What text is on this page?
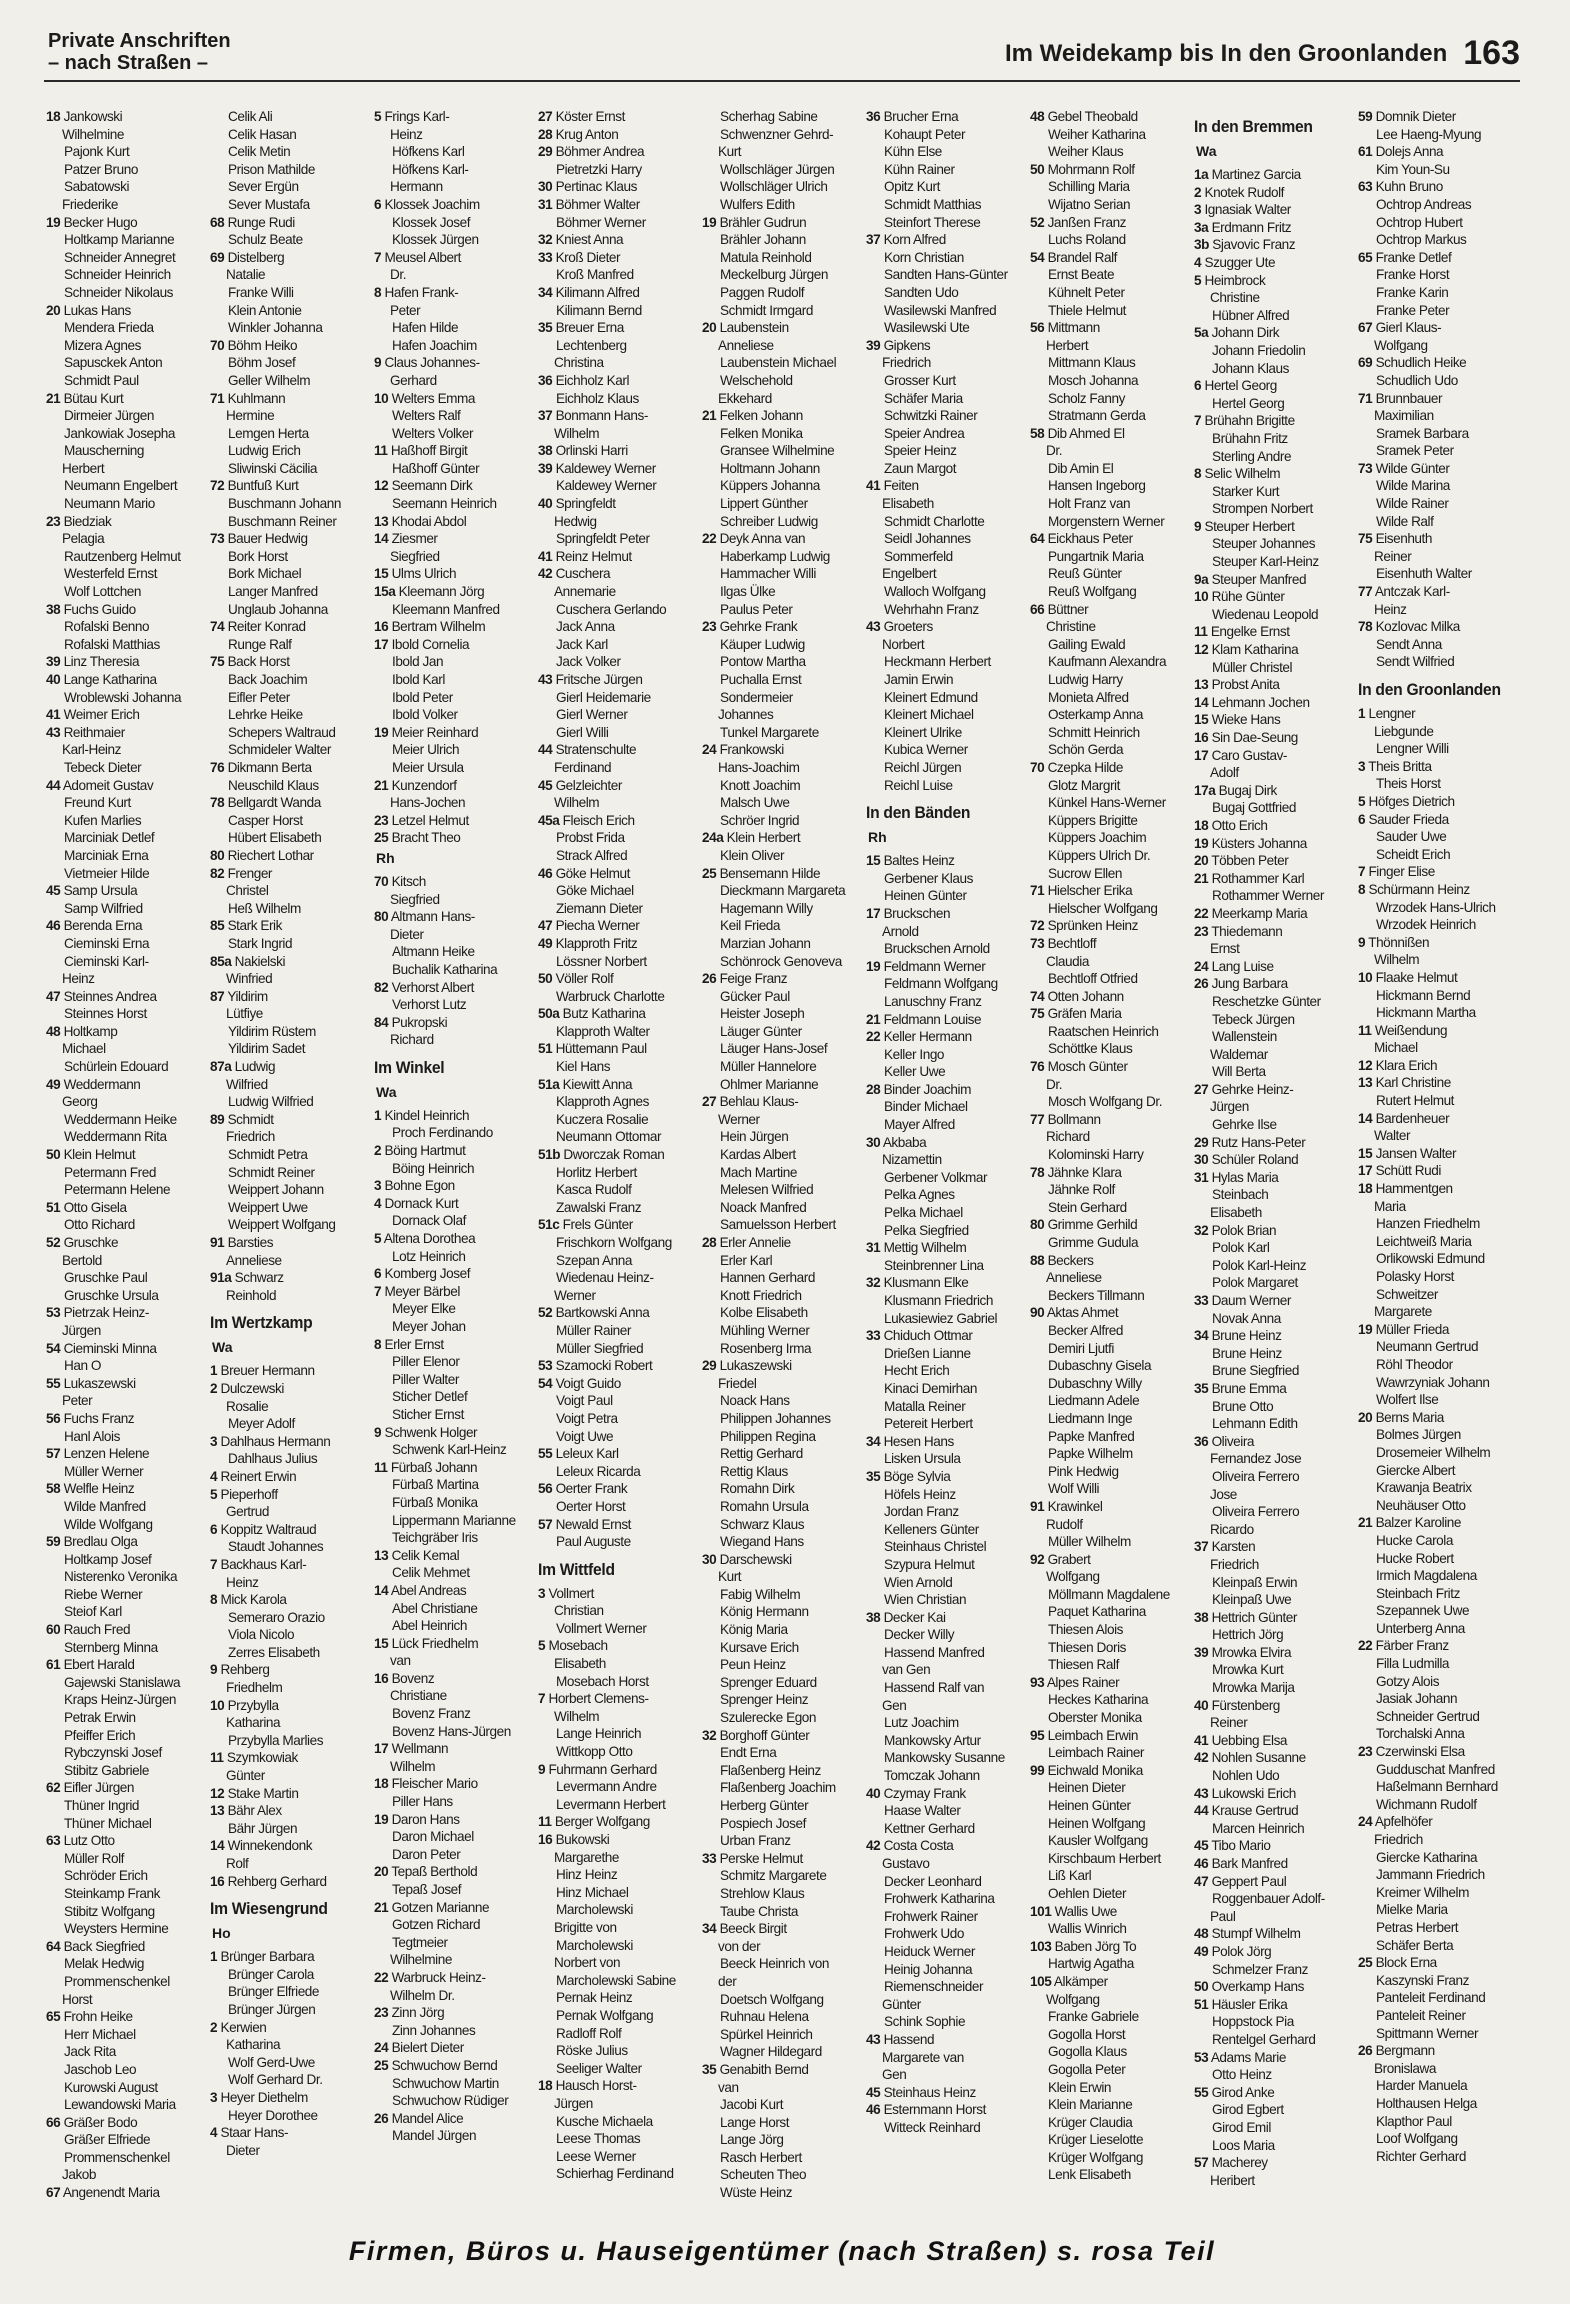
Private Anschriften
– nach Straßen –	Im Weidekamp bis In den Groonlanden 163
18 Jankowski
Wilhelmine
Pajonk Kurt
Patzer Bruno
Sabatowski
Friederike
19 Becker Hugo
Holtkamp Marianne
Schneider Annegret
Schneider Heinrich
Schneider Nikolaus
20 Lukas Hans
Mendera Frieda
Mizera Agnes
Sapusckek Anton
Schmidt Paul
21 Bütau Kurt
Dirmeier Jürgen
Jankowiak Josepha
Mauscherning
Herbert
Neumann Engelbert
Neumann Mario
23 Biedziak
Pelagia
Rautzenberg Helmut
Westerfeld Ernst
Wolf Lottchen
38 Fuchs Guido
Rofalski Benno
Rofalski Matthias
39 Linz Theresia
40 Lange Katharina
Wroblewski Johanna
41 Weimer Erich
43 Reithmaier
Karl-Heinz
Tebeck Dieter
44 Adomeit Gustav
Freund Kurt
Kufen Marlies
Marciniak Detlef
Marciniak Erna
Vietmeier Hilde
45 Samp Ursula
Samp Wilfried
46 Berenda Erna
Cieminski Erna
Cieminski Karl-
Heinz
47 Steinnes Andrea
Steinnes Horst
48 Holtkamp
Michael
Schürlein Edouard
49 Weddermann
Georg
Weddermann Heike
Weddermann Rita
50 Klein Helmut
Petermann Fred
Petermann Helene
51 Otto Gisela
Otto Richard
52 Gruschke
Bertold
Gruschke Paul
Gruschke Ursula
53 Pietrzak Heinz-
Jürgen
54 Cieminski Minna
Han O
55 Lukaszewski
Peter
56 Fuchs Franz
Hanl Alois
57 Lenzen Helene
Müller Werner
58 Welfle Heinz
Wilde Manfred
Wilde Wolfgang
59 Bredlau Olga
Holtkamp Josef
Nisterenko Veronika
Riebe Werner
Steiof Karl
60 Rauch Fred
Sternberg Minna
61 Ebert Harald
Gajewski Stanislawa
Kraps Heinz-Jürgen
Petrak Erwin
Pfeiffer Erich
Rybczynski Josef
Stibitz Gabriele
62 Eifler Jürgen
Thüner Ingrid
Thüner Michael
63 Lutz Otto
Müller Rolf
Schröder Erich
Steinkamp Frank
Stibitz Wolfgang
Weysters Hermine
64 Back Siegfried
Melak Hedwig
Prommenschenkel
Horst
65 Frohn Heike
Herr Michael
Jack Rita
Jaschob Leo
Kurowski August
Lewandowski Maria
66 Gräßer Bodo
Gräßer Elfriede
Prommenschenkel
Jakob
67 Angenendt Maria
Celik Ali
Celik Hasan
Celik Metin
Prison Mathilde
Sever Ergün
Sever Mustafa
68 Runge Rudi
Schulz Beate
69 Distelberg
Natalie
Franke Willi
Klein Antonie
Winkler Johanna
70 Böhm Heiko
Böhm Josef
Geller Wilhelm
71 Kuhlmann
Hermine
Lemgen Herta
Ludwig Erich
Sliwinski Cäcilia
72 Buntfuß Kurt
Buschmann Johann
Buschmann Reiner
73 Bauer Hedwig
Bork Horst
Bork Michael
Langer Manfred
Unglaub Johanna
74 Reiter Konrad
Runge Ralf
75 Back Horst
Back Joachim
Eifler Peter
Lehrke Heike
Schepers Waltraud
Schmideler Walter
76 Dikmann Berta
Neuschild Klaus
78 Bellgardt Wanda
Casper Horst
Hübert Elisabeth
80 Riechert Lothar
82 Frenger
Christel
Heß Wilhelm
85 Stark Erik
Stark Ingrid
85a Nakielski
Winfried
87 Yildirim
Lütfiye
Yildirim Rüstem
Yildirim Sadet
87a Ludwig
Wilfried
Ludwig Wilfried
89 Schmidt
Friedrich
Schmidt Petra
Schmidt Reiner
Weippert Johann
Weippert Uwe
Weippert Wolfgang
91 Barsties
Anneliese
91a Schwarz
Reinhold
Im Wertzkamp
Wa
1 Breuer Hermann
2 Dulczewski
Rosalie
Meyer Adolf
3 Dahlhaus Hermann
Dahlhaus Julius
4 Reinert Erwin
5 Pieperhoff
Gertrud
6 Koppitz Waltraud
Staudt Johannes
7 Backhaus Karl-
Heinz
8 Mick Karola
Semeraro Orazio
Viola Nicolo
Zerres Elisabeth
9 Rehberg
Friedhelm
10 Przybylla
Katharina
Przybylla Marlies
11 Szymkowiak
Günter
12 Stake Martin
13 Bähr Alex
Bähr Jürgen
14 Winnekendonk
Rolf
16 Rehberg Gerhard
Im Wiesengrund
Ho
1 Brünger Barbara
Brünger Carola
Brünger Elfriede
Brünger Jürgen
2 Kerwien
Katharina
Wolf Gerd-Uwe
Wolf Gerhard Dr.
3 Heyer Diethelm
Heyer Dorothee
4 Staar Hans-
Dieter
5 Frings Karl-
Heinz
Höfkens Karl
Höfkens Karl-
Hermann
6 Klossek Joachim
Klossek Josef
Klossek Jürgen
7 Meusel Albert
Dr.
8 Hafen Frank-
Peter
Hafen Hilde
Hafen Joachim
9 Claus Johannes-
Gerhard
10 Welters Emma
Welters Ralf
Welters Volker
11 Haßhoff Birgit
Haßhoff Günter
12 Seemann Dirk
Seemann Heinrich
13 Khodai Abdol
14 Ziesmer
Siegfried
15 Ulms Ulrich
15a Kleemann Jörg
Kleemann Manfred
16 Bertram Wilhelm
17 Ibold Cornelia
Ibold Jan
Ibold Karl
Ibold Peter
Ibold Volker
19 Meier Reinhard
Meier Ulrich
Meier Ursula
21 Kunzendorf
Hans-Jochen
23 Letzel Helmut
25 Bracht Theo
Rh
70 Kitsch
Siegfried
80 Altmann Hans-
Dieter
Altmann Heike
Buchalik Katharina
82 Verhorst Albert
Verhorst Lutz
84 Pukropski
Richard
Im Winkel
Wa
1 Kindel Heinrich
Proch Ferdinando
2 Böing Hartmut
Böing Heinrich
3 Bohne Egon
4 Dornack Kurt
Dornack Olaf
5 Altena Dorothea
Lotz Heinrich
6 Komberg Josef
7 Meyer Bärbel
Meyer Elke
Meyer Johan
8 Erler Ernst
Piller Elenor
Piller Walter
Sticher Detlef
Sticher Ernst
9 Schwenk Holger
Schwenk Karl-Heinz
11 Fürbaß Johann
Fürbaß Martina
Fürbaß Monika
Lippermann Marianne
Teichgräber Iris
13 Celik Kemal
Celik Mehmet
14 Abel Andreas
Abel Christiane
Abel Heinrich
15 Lück Friedhelm
van
16 Bovenz
Christiane
Bovenz Franz
Bovenz Hans-Jürgen
17 Wellmann
Wilhelm
18 Fleischer Mario
Piller Hans
19 Daron Hans
Daron Michael
Daron Peter
20 Tepaß Berthold
Tepaß Josef
21 Gotzen Marianne
Gotzen Richard
Tegtmeier
Wilhelmine
22 Warbruck Heinz-
Wilhelm Dr.
23 Zinn Jörg
Zinn Johannes
24 Bielert Dieter
25 Schwuchow Bernd
Schwuchow Martin
Schwuchow Rüdiger
26 Mandel Alice
Mandel Jürgen
27 Köster Ernst
28 Krug Anton
29 Böhmer Andrea
Pietretzki Harry
30 Pertinac Klaus
31 Böhmer Walter
Böhmer Werner
32 Kniest Anna
33 Kroß Dieter
Kroß Manfred
34 Kilimann Alfred
Kilimann Bernd
35 Breuer Erna
Lechtenberg
Christina
36 Eichholz Karl
Eichholz Klaus
37 Bonmann Hans-
Wilhelm
38 Orlinski Harri
39 Kaldewey Werner
Kaldewey Werner
40 Springfeldt
Hedwig
Springfeldt Peter
41 Reinz Helmut
42 Cuschera
Annemarie
Cuschera Gerlando
Jack Anna
Jack Karl
Jack Volker
43 Fritsche Jürgen
Gierl Heidemarie
Gierl Werner
Gierl Willi
44 Stratenschulte
Ferdinand
45 Gelzleichter
Wilhelm
45a Fleisch Erich
Probst Frida
Strack Alfred
46 Göke Helmut
Göke Michael
Ziemann Dieter
47 Piecha Werner
49 Klapproth Fritz
Lössner Norbert
50 Völler Rolf
Warbruck Charlotte
50a Butz Katharina
Klapproth Walter
51 Hüttemann Paul
Kiel Hans
51a Kiewitt Anna
Klapproth Agnes
Kuczera Rosalie
Neumann Ottomar
51b Dworczak Roman
Horlitz Herbert
Kasca Rudolf
Zawalski Franz
51c Frels Günter
Frischkorn Wolfgang
Szepan Anna
Wiedenau Heinz-
Werner
52 Bartkowski Anna
Müller Rainer
Müller Siegfried
53 Szamocki Robert
54 Voigt Guido
Voigt Paul
Voigt Petra
Voigt Uwe
55 Leleux Karl
Leleux Ricarda
56 Oerter Frank
Oerter Horst
57 Newald Ernst
Paul Auguste
Im Wittfeld
3 Vollmert
Christian
Vollmert Werner
5 Mosebach
Elisabeth
Mosebach Horst
7 Horbert Clemens-
Wilhelm
Lange Heinrich
Wittkopp Otto
9 Fuhrmann Gerhard
Levermann Andre
Levermann Herbert
11 Berger Wolfgang
16 Bukowski
Margarethe
Hinz Heinz
Hinz Michael
Marcholewski
Brigitte von
Marcholewski
Norbert von
Marcholewski Sabine
Pernak Heinz
Pernak Wolfgang
Radloff Rolf
Röske Julius
Seeliger Walter
18 Hausch Horst-
Jürgen
Kusche Michaela
Leese Thomas
Leese Werner
Schierhag Ferdinand
Scherhag Sabine
Schwenzner Gehrd-
Kurt
Wollschläger Jürgen
Wollschläger Ulrich
Wulfers Edith
19 Brähler Gudrun
Brähler Johann
Matula Reinhold
Meckelburg Jürgen
Paggen Rudolf
Schmidt Irmgard
20 Laubenstein
Anneliese
Laubenstein Michael
Welschehold
Ekkehard
21 Felken Johann
Felken Monika
Gransee Wilhelmine
Holtmann Johann
Küppers Johanna
Lippert Günther
Schreiber Ludwig
22 Deyk Anna van
Haberkamp Ludwig
Hammacher Willi
Ilgas Ülke
Paulus Peter
23 Gehrke Frank
Käuper Ludwig
Pontow Martha
Puchalla Ernst
Sondermeier
Johannes
Tunkel Margarete
24 Frankowski
Hans-Joachim
Knott Joachim
Malsch Uwe
Schröer Ingrid
24a Klein Herbert
Klein Oliver
25 Bensemann Hilde
Dieckmann Margareta
Hagemann Willy
Keil Frieda
Marzian Johann
Schönrock Genoveva
26 Feige Franz
Gücker Paul
Heister Joseph
Läuger Günter
Läuger Hans-Josef
Müller Hannelore
Ohlmer Marianne
27 Behlau Klaus-
Werner
Hein Jürgen
Kardas Albert
Mach Martine
Melesen Wilfried
Noack Manfred
Samuelsson Herbert
28 Erler Annelie
Erler Karl
Hannen Gerhard
Knott Friedrich
Kolbe Elisabeth
Mühling Werner
Rosenberg Irma
29 Lukaszewski
Friedel
Noack Hans
Philippen Johannes
Philippen Regina
Rettig Gerhard
Rettig Klaus
Romahn Dirk
Romahn Ursula
Schwarz Klaus
Wiegand Hans
30 Darschewski
Kurt
Fabig Wilhelm
König Hermann
König Maria
Kursave Erich
Peun Heinz
Sprenger Eduard
Sprenger Heinz
Szulerecke Egon
32 Borghoff Günter
Endt Erna
Flaßenberg Heinz
Flaßenberg Joachim
Herberg Günter
Pospiech Josef
Urban Franz
33 Perske Helmut
Schmitz Margarete
Strehlow Klaus
Taube Christa
34 Beeck Birgit
von der
Beeck Heinrich von
der
Doetsch Wolfgang
Ruhnau Helena
Spürkel Heinrich
Wagner Hildegard
35 Genabith Bernd
van
Jacobi Kurt
Lange Horst
Lange Jörg
Rasch Herbert
Scheuten Theo
Wüste Heinz
36 Brucher Erna
Kohaupt Peter
Kühn Else
Kühn Rainer
Opitz Kurt
Schmidt Matthias
Steinfort Therese
37 Korn Alfred
Korn Christian
Sandten Hans-Günter
Sandten Udo
Wasilewski Manfred
Wasilewski Ute
39 Gipkens
Friedrich
Grosser Kurt
Schäfer Maria
Schwitzki Rainer
Speier Andrea
Speier Heinz
Zaun Margot
41 Feiten
Elisabeth
Schmidt Charlotte
Seidl Johannes
Sommerfeld
Engelbert
Walloch Wolfgang
Wehrhahn Franz
43 Groeters
Norbert
Heckmann Herbert
Jamin Erwin
Kleinert Edmund
Kleinert Michael
Kleinert Ulrike
Kubica Werner
Reichl Jürgen
Reichl Luise
In den Bänden
Rh
15 Baltes Heinz
Gerbener Klaus
Heinen Günter
17 Bruckschen
Arnold
Bruckschen Arnold
19 Feldmann Werner
Feldmann Wolfgang
Lanuschny Franz
21 Feldmann Louise
22 Keller Hermann
Keller Ingo
Keller Uwe
28 Binder Joachim
Binder Michael
Mayer Alfred
30 Akbaba
Nizamettin
Gerbener Volkmar
Pelka Agnes
Pelka Michael
Pelka Siegfried
31 Mettig Wilhelm
Steinbrenner Lina
32 Klusmann Elke
Klusmann Friedrich
Lukasiewiez Gabriel
33 Chiduch Ottmar
Drießen Lianne
Hecht Erich
Kinaci Demirhan
Matalla Reiner
Petereit Herbert
34 Hesen Hans
Lisken Ursula
35 Böge Sylvia
Höfels Heinz
Jordan Franz
Kelleners Günter
Steinhaus Christel
Szypura Helmut
Wien Arnold
Wien Christian
38 Decker Kai
Decker Willy
Hassend Manfred
van Gen
Hassend Ralf van
Gen
Lutz Joachim
Mankowsky Artur
Mankowsky Susanne
Tomczak Johann
40 Czymay Frank
Haase Walter
Kettner Gerhard
42 Costa Costa
Gustavo
Decker Leonhard
Frohwerk Katharina
Frohwerk Rainer
Frohwerk Udo
Heiduck Werner
Heinig Johanna
Riemenschneider
Günter
Schink Sophie
43 Hassend
Margarete van
Gen
45 Steinhaus Heinz
46 Esternmann Horst
Witteck Reinhard
48 Gebel Theobald
Weiher Katharina
Weiher Klaus
50 Mohrmann Rolf
Schilling Maria
Wijatno Serian
52 Janßen Franz
Luchs Roland
54 Brandel Ralf
Ernst Beate
Kühnelt Peter
Thiele Helmut
56 Mittmann
Herbert
Mittmann Klaus
Mosch Johanna
Scholz Fanny
Stratmann Gerda
58 Dib Ahmed El
Dr.
Dib Amin El
Hansen Ingeborg
Holt Franz van
Morgenstern Werner
64 Eickhaus Peter
Pungartnik Maria
Reuß Günter
Reuß Wolfgang
66 Büttner
Christine
Gailing Ewald
Kaufmann Alexandra
Ludwig Harry
Monieta Alfred
Osterkamp Anna
Schmitt Heinrich
Schön Gerda
70 Czepka Hilde
Glotz Margrit
Künkel Hans-Werner
Küppers Brigitte
Küppers Joachim
Küppers Ulrich Dr.
Sucrow Ellen
71 Hielscher Erika
Hielscher Wolfgang
72 Sprünken Heinz
73 Bechtloff
Claudia
Bechtloff Otfried
74 Otten Johann
75 Gräfen Maria
Raatschen Heinrich
Schöttke Klaus
76 Mosch Günter
Dr.
Mosch Wolfgang Dr.
77 Bollmann
Richard
Kolominski Harry
78 Jähnke Klara
Jähnke Rolf
Stein Gerhard
80 Grimme Gerhild
Grimme Gudula
88 Beckers
Anneliese
Beckers Tillmann
90 Aktas Ahmet
Becker Alfred
Demiri Ljutfi
Dubaschny Gisela
Dubaschny Willy
Liedmann Adele
Liedmann Inge
Papke Manfred
Papke Wilhelm
Pink Hedwig
Wolf Willi
91 Krawinkel
Rudolf
Müller Wilhelm
92 Grabert
Wolfgang
Möllmann Magdalene
Paquet Katharina
Thiesen Alois
Thiesen Doris
Thiesen Ralf
93 Alpes Rainer
Heckes Katharina
Oberster Monika
95 Leimbach Erwin
Leimbach Rainer
99 Eichwald Monika
Heinen Dieter
Heinen Günter
Heinen Wolfgang
Kausler Wolfgang
Kirschbaum Herbert
Liß Karl
Oehlen Dieter
101 Wallis Uwe
Wallis Winrich
103 Baben Jörg To
Hartwig Agatha
105 Alkämper
Wolfgang
Franke Gabriele
Gogolla Horst
Gogolla Klaus
Gogolla Peter
Klein Erwin
Klein Marianne
Krüger Claudia
Krüger Lieselotte
Krüger Wolfgang
Lenk Elisabeth
In den Bremmen
Wa
1a Martinez Garcia
2 Knotek Rudolf
3 Ignasiak Walter
3a Erdmann Fritz
3b Sjavovic Franz
4 Szugger Ute
5 Heimbrock
Christine
Hübner Alfred
5a Johann Dirk
Johann Friedolin
Johann Klaus
6 Hertel Georg
Hertel Georg
7 Brühahn Brigitte
Brühahn Fritz
Sterling Andre
8 Selic Wilhelm
Starker Kurt
Strompen Norbert
9 Steuper Herbert
Steuper Johannes
Steuper Karl-Heinz
9a Steuper Manfred
10 Rühe Günter
Wiedenau Leopold
11 Engelke Ernst
12 Klam Katharina
Müller Christel
13 Probst Anita
14 Lehmann Jochen
15 Wieke Hans
16 Sin Dae-Seung
17 Caro Gustav-
Adolf
17a Bugaj Dirk
Bugaj Gottfried
18 Otto Erich
19 Küsters Johanna
20 Többen Peter
21 Rothammer Karl
Rothammer Werner
22 Meerkamp Maria
23 Thiedemann
Ernst
24 Lang Luise
26 Jung Barbara
Reschetzke Günter
Tebeck Jürgen
Wallenstein
Waldemar
Will Berta
27 Gehrke Heinz-
Jürgen
Gehrke Ilse
29 Rutz Hans-Peter
30 Schüler Roland
31 Hylas Maria
Steinbach
Elisabeth
32 Polok Brian
Polok Karl
Polok Karl-Heinz
Polok Margaret
33 Daum Werner
Novak Anna
34 Brune Heinz
Brune Heinz
Brune Siegfried
35 Brune Emma
Brune Otto
Lehmann Edith
36 Oliveira
Fernandez Jose
Oliveira Ferrero
Jose
Oliveira Ferrero
Ricardo
37 Karsten
Friedrich
Kleinpaß Erwin
Kleinpaß Uwe
38 Hettrich Günter
Hettrich Jörg
39 Mrowka Elvira
Mrowka Kurt
Mrowka Marija
40 Fürstenberg
Reiner
41 Uebbing Elsa
42 Nohlen Susanne
Nohlen Udo
43 Lukowski Erich
44 Krause Gertrud
Marcen Heinrich
45 Tibo Mario
46 Bark Manfred
47 Geppert Paul
Roggenbauer Adolf-
Paul
48 Stumpf Wilhelm
49 Polok Jörg
Schmelzer Franz
50 Overkamp Hans
51 Häusler Erika
Hoppstock Pia
Rentelgel Gerhard
53 Adams Marie
Otto Heinz
55 Girod Anke
Girod Egbert
Girod Emil
Loos Maria
57 Macherey
Heribert
59 Domnik Dieter
Lee Haeng-Myung
61 Dolejs Anna
Kim Youn-Su
63 Kuhn Bruno
Ochtrop Andreas
Ochtrop Hubert
Ochtrop Markus
65 Franke Detlef
Franke Horst
Franke Karin
Franke Peter
67 Gierl Klaus-
Wolfgang
69 Schudlich Heike
Schudlich Udo
71 Brunnbauer
Maximilian
Sramek Barbara
Sramek Peter
73 Wilde Günter
Wilde Marina
Wilde Rainer
Wilde Ralf
75 Eisenhuth
Reiner
Eisenhuth Walter
77 Antczak Karl-
Heinz
78 Kozlovac Milka
Sendt Anna
Sendt Wilfried
In den Groonlanden
1 Lengner
Liebgunde
Lengner Willi
3 Theis Britta
Theis Horst
5 Höfges Dietrich
6 Sauder Frieda
Sauder Uwe
Scheidt Erich
7 Finger Elise
8 Schürmann Heinz
Wrzodek Hans-Ulrich
Wrzodek Heinrich
9 Thönnißen
Wilhelm
10 Flaake Helmut
Hickmann Bernd
Hickmann Martha
11 Weißendung
Michael
12 Klara Erich
13 Karl Christine
Rutert Helmut
14 Bardenheuer
Walter
15 Jansen Walter
17 Schütt Rudi
18 Hammentgen
Maria
Hanzen Friedhelm
Leichtweiß Maria
Orlikowski Edmund
Polasky Horst
Schweitzer
Margarete
19 Müller Frieda
Neumann Gertrud
Röhl Theodor
Wawrzyniak Johann
Wolfert Ilse
20 Berns Maria
Bolmes Jürgen
Drosemeier Wilhelm
Giercke Albert
Krawanja Beatrix
Neuhäuser Otto
21 Balzer Karoline
Hucke Carola
Hucke Robert
Irmich Magdalena
Steinbach Fritz
Szepannek Uwe
Unterberg Anna
22 Färber Franz
Filla Ludmilla
Gotzy Alois
Jasiak Johann
Schneider Gertrud
Torchalski Anna
23 Czerwinski Elsa
Gudduschat Manfred
Haßelmann Bernhard
Wichmann Rudolf
24 Apfelhöfer
Friedrich
Giercke Katharina
Jammann Friedrich
Kreimer Wilhelm
Mielke Maria
Petras Herbert
Schäfer Berta
25 Block Erna
Kaszynski Franz
Panteleit Ferdinand
Panteleit Reiner
Spittmann Werner
26 Bergmann
Bronislawa
Harder Manuela
Holthausen Helga
Klapthor Paul
Loof Wolfgang
Richter Gerhard
Firmen, Büros u. Hauseigentümer (nach Straßen) s. rosa Teil
